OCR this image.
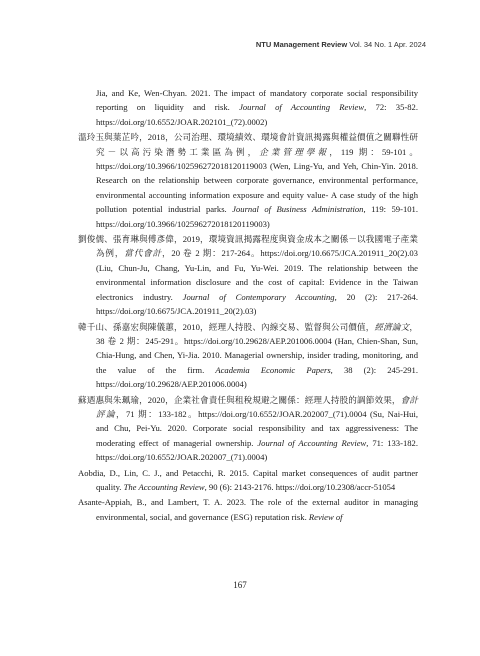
NTU Management Review Vol. 34 No. 1 Apr. 2024
Jia, and Ke, Wen-Chyan. 2021. The impact of mandatory corporate social responsibility reporting on liquidity and risk. Journal of Accounting Review, 72: 35-82. https://doi.org/10.6552/JOAR.202101_(72).0002)
溫玲玉與葉芷吟，2018，公司治理、環境績效、環境會計資訊揭露與權益價值之關聯性研究－以高污染潛勢工業區為例，企業管理學報，119 期：59-101。https://doi.org/10.3966/102596272018120119003 (Wen, Ling-Yu, and Yeh, Chin-Yin. 2018. Research on the relationship between corporate governance, environmental performance, environmental accounting information exposure and equity value- A case study of the high pollution potential industrial parks. Journal of Business Administration, 119: 59-101. https://doi.org/10.3966/102596272018120119003)
劉俊儒、張育琳與傅彥偉，2019，環境資訊揭露程度與資金成本之關係－以我國電子產業為例，當代會計，20 卷 2 期：217-264。https://doi.org/10.6675/JCA.201911_20(2).03 (Liu, Chun-Ju, Chang, Yu-Lin, and Fu, Yu-Wei. 2019. The relationship between the environmental information disclosure and the cost of capital: Evidence in the Taiwan electronics industry. Journal of Contemporary Accounting, 20 (2): 217-264. https://doi.org/10.6675/JCA.201911_20(2).03)
韓千山、孫嘉宏與陳儀蕙，2010，經理人持股、內線交易、監督與公司價值，經濟論文，38 卷 2 期：245-291。https://doi.org/10.29628/AEP.201006.0004 (Han, Chien-Shan, Sun, Chia-Hung, and Chen, Yi-Jia. 2010. Managerial ownership, insider trading, monitoring, and the value of the firm. Academia Economic Papers, 38 (2): 245-291. https://doi.org/10.29628/AEP.201006.0004)
蘇迺惠與朱珮瑜，2020，企業社會責任與租稅規避之關係：經理人持股的調節效果，會計評論，71 期：133-182。https://doi.org/10.6552/JOAR.202007_(71).0004 (Su, Nai-Hui, and Chu, Pei-Yu. 2020. Corporate social responsibility and tax aggressiveness: The moderating effect of managerial ownership. Journal of Accounting Review, 71: 133-182. https://doi.org/10.6552/JOAR.202007_(71).0004)
Aobdia, D., Lin, C. J., and Petacchi, R. 2015. Capital market consequences of audit partner quality. The Accounting Review, 90 (6): 2143-2176. https://doi.org/10.2308/accr-51054
Asante-Appiah, B., and Lambert, T. A. 2023. The role of the external auditor in managing environmental, social, and governance (ESG) reputation risk. Review of
167
